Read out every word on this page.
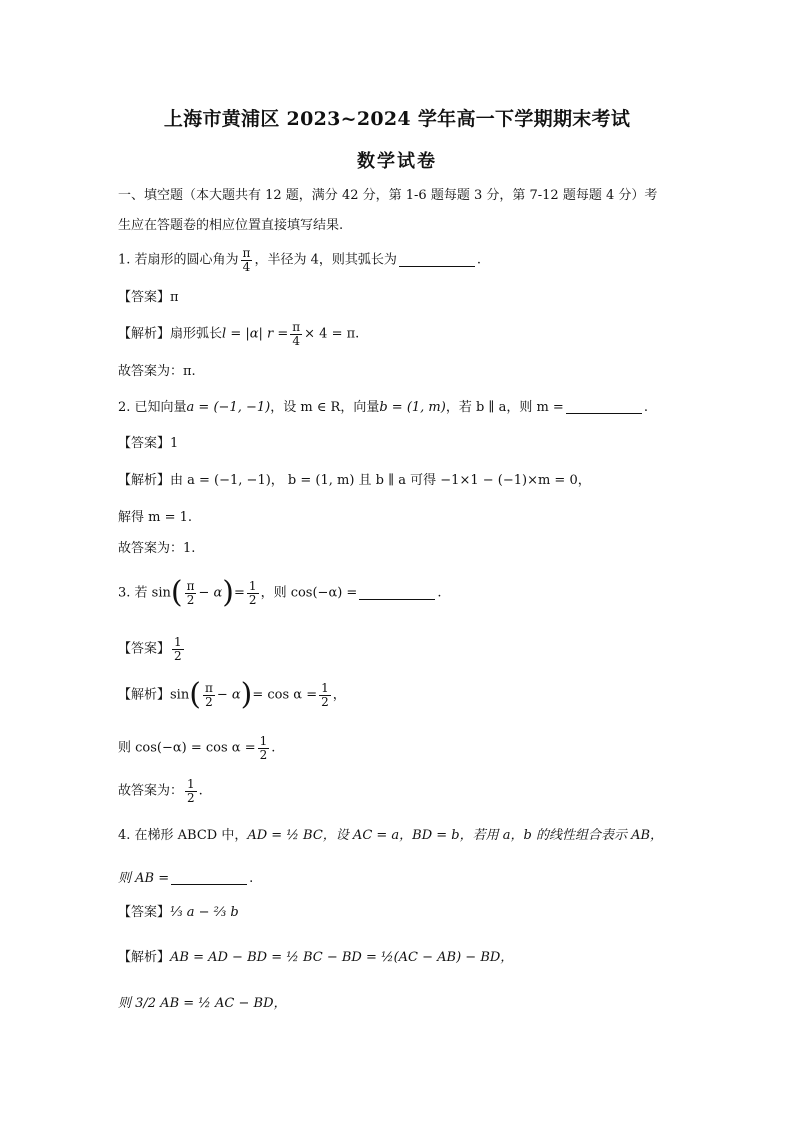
上海市黄浦区 2023~2024 学年高一下学期期末考试
数学试卷
一、填空题（本大题共有 12 题，满分 42 分，第 1-6 题每题 3 分，第 7-12 题每题 4 分）考
生应在答题卷的相应位置直接填写结果.
1. 若扇形的圆心角为 $\frac{\pi}{4}$ ，半径为 4，则其弧长为	.
【答案】π
【解析】扇形弧长l = |α| $r = \frac{\pi}{4} \times 4 = \pi$.
故答案为：π.
2. 已知向量a = (−1, −1)，设 m ∈ R，向量b = (1, m)，若 b ∥ a，则 m =	.
【答案】1
【解析】由 a = (−1, −1)， b = (1, m) 且 b ∥ a 可得 −1×1 − (−1)×m = 0，
解得 m = 1.
故答案为：1.
3. 若 $\sin( \frac{\pi}{2} - \alpha)= \frac{1}{2}$ ，则 cos(−α) =	.
【答案】 $\frac{1}{2}$
【解析】$\sin( \frac{\pi}{2} - \alpha)= \cos \alpha = \frac{1}{2}$ ，
则 $\cos(-\alpha) = \cos \alpha = \frac{1}{2}$ .
故答案为： $\frac{1}{2}$ .
4. 在梯形 ABCD 中，AD = ½ BC，设 AC = a，BD = b，若用 a，b 的线性组合表示 AB，
则 AB =	.
【答案】⅓ a − ⅔ b
【解析】AB = AD − BD = ½ BC − BD = ½(AC − AB) − BD，
则 3/2 AB = ½ AC − BD，
